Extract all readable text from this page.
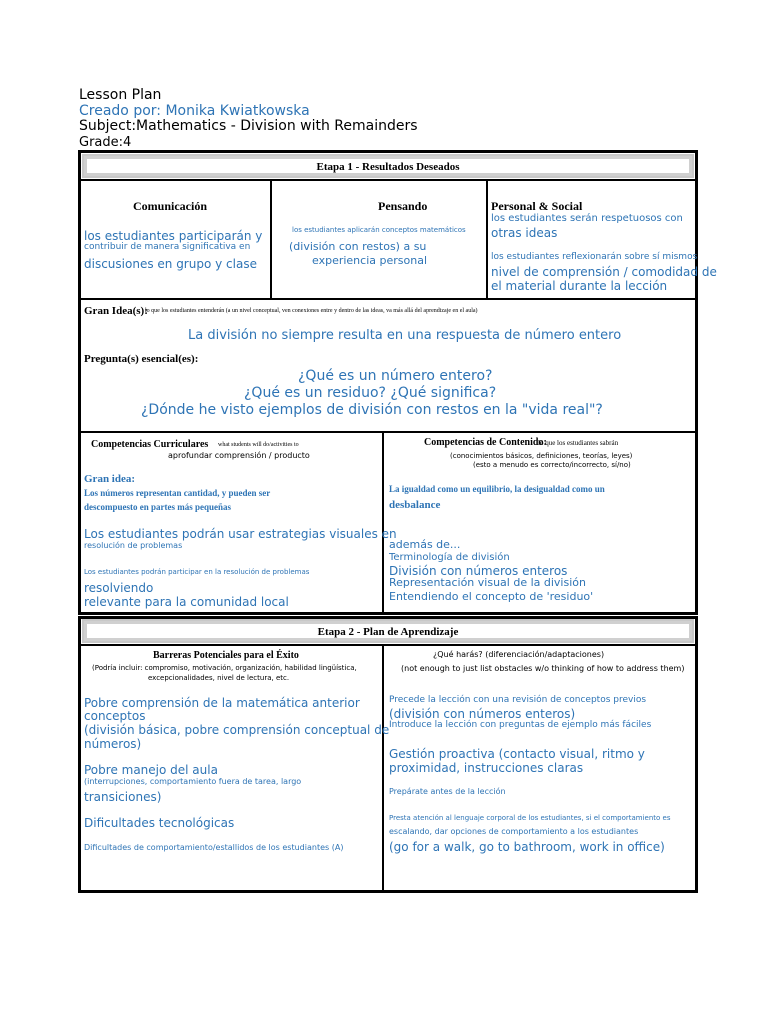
Lesson Plan
Creado por: Monika Kwiatkowska
Subject:Mathematics - Division with Remainders
Grade:4
Etapa 1 - Resultados Deseados
Comunicación
los estudiantes participarán y
contribuir de manera significativa en
discusiones en grupo y clase
Pensando
los estudiantes aplicarán conceptos matemáticos
(división con restos) a su
experiencia personal
Personal & Social
los estudiantes serán respetuosos con
otras ideas
los estudiantes reflexionarán sobre sí mismos
nivel de comprensión / comodidad de
el material durante la lección
Gran Idea(s):
lo que los estudiantes entenderán (a un nivel conceptual, ven conexiones entre y dentro de las ideas, va más allá del aprendizaje en el aula)
La división no siempre resulta en una respuesta de número entero
Pregunta(s) esencial(es):
¿Qué es un número entero?
¿Qué es un residuo? ¿Qué significa?
¿Dónde he visto ejemplos de división con restos en la "vida real"?
Competencias Curriculares what students will do/activities to
aprofundar comprensión / producto
Gran idea:
Los números representan cantidad, y pueden ser
descompuesto en partes más pequeñas
Los estudiantes podrán usar estrategias visuales en
resolución de problemas
Los estudiantes podrán participar en la resolución de problemas
resolviendo
relevante para la comunidad local
Competencias de Contenido:
lo que los estudiantes sabrán
(conocimientos básicos, definiciones, teorías, leyes)
(esto a menudo es correcto/incorrecto, sí/no)
La igualdad como un equilibrio, la desigualdad como un
desbalance
además de...
Terminología de división
División con números enteros
Representación visual de la división
Entendiendo el concepto de 'residuo'
Etapa 2 - Plan de Aprendizaje
Barreras Potenciales para el Éxito
(Podría incluir: compromiso, motivación, organización, habilidad lingüística,
excepcionalidades, nivel de lectura, etc.
Pobre comprensión de la matemática anterior
conceptos
(división básica, pobre comprensión conceptual de
números)
Pobre manejo del aula
(interrupciones, comportamiento fuera de tarea, largo
transiciones)
Dificultades tecnológicas
Dificultades de comportamiento/estallidos de los estudiantes (A)
¿Qué harás? (diferenciación/adaptaciones)
(not enough to just list obstacles w/o thinking of how to address them)
Precede la lección con una revisión de conceptos previos
(división con números enteros)
Introduce la lección con preguntas de ejemplo más fáciles
Gestión proactiva (contacto visual, ritmo y
proximidad, instrucciones claras
Prepárate antes de la lección
Presta atención al lenguaje corporal de los estudiantes, si el comportamiento es
escalando, dar opciones de comportamiento a los estudiantes
(go for a walk, go to bathroom, work in office)
